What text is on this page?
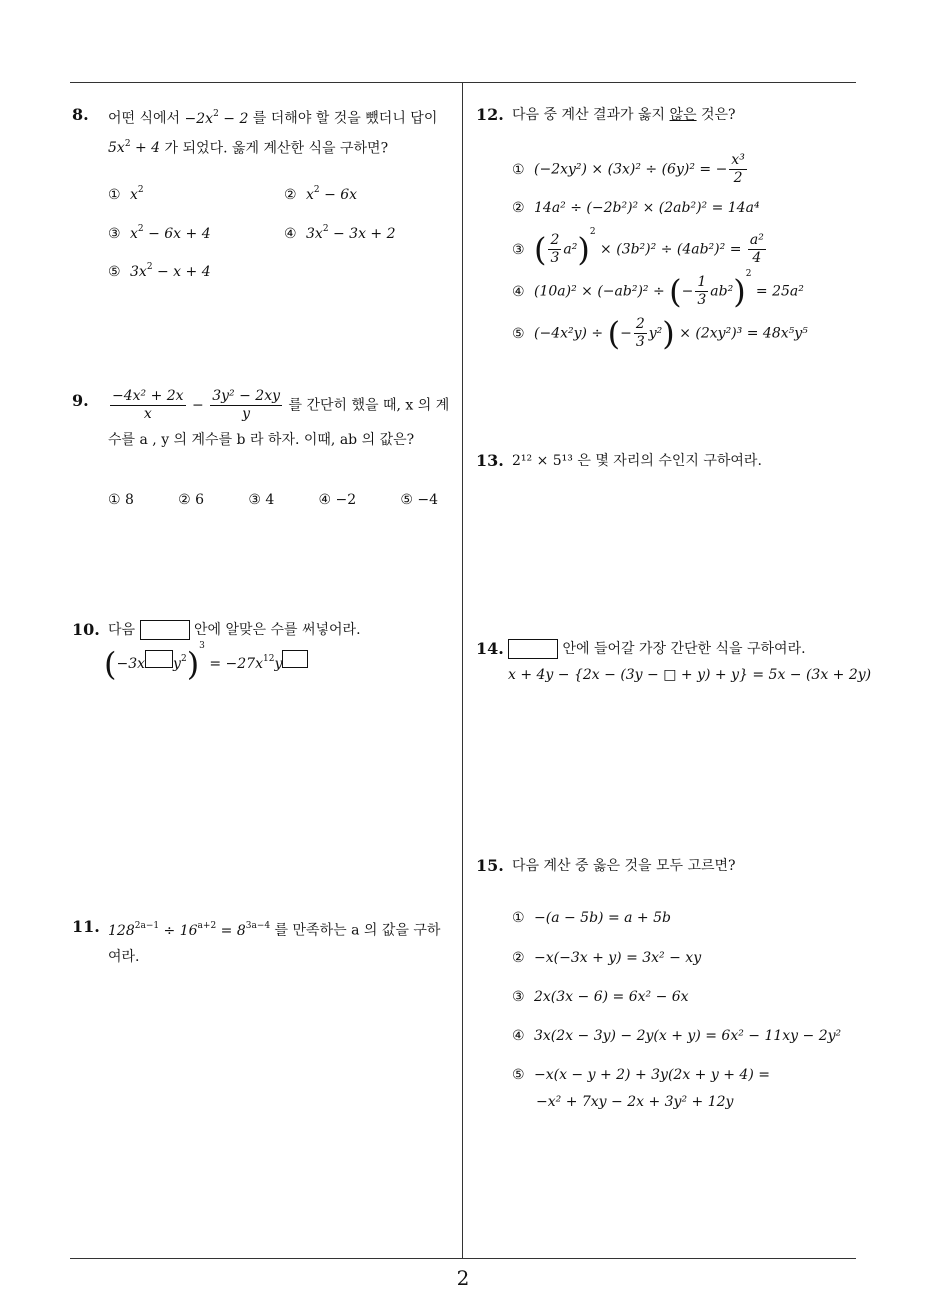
8. 어떤 식에서 $-2x^2 - 2$ 를 더해야 할 것을 뺐더니 답이
$5x^2 + 4$ 가 되었다. 옳게 계산한 식을 구하면?
① $x^2$	② $x^2 - 6x$
③ $x^2 - 6x + 4$	④ $3x^2 - 3x + 2$
⑤ $3x^2 - x + 4$
9. $\frac{\text{−4x² + 2x}}{x} - \frac{\text{3y² − 2xy}}{y}$ 를 간단히 했을 때, x 의 계
수를 a , y 의 계수를 b 라 하자. 이때, ab 의 값은?
① 8	② 6	③ 4	④ −2	⑤ −4
10. 다음	안에 알맞은 수를 써넣어라.
(−3x $y^2)^3 = -27x^{12}y$
11. $128^{2a-1} \div 16^{a+2} = 8^{3a-4}$ 를 만족하는 a 의 값을 구하
여라.
12. 다음 중 계산 결과가 옳지 않은 것은?
① (−2xy²) × (3x)² ÷ (6y)² = − $\frac{\text{x³}}{2}$
② 14a² ÷ (−2b²)² × (2ab²)² = 14a⁴
③ ( $\frac{2}{3} a^2)^2 \times (3b^2)^2 \div (4ab^2)^2 = \frac{\text{a²}}{4}$
④ (10a)² × (−ab²)² ÷ (− $\frac{1}{3} ab^2)^2 = 25a^2$
⑤ (−4x²y) ÷ (− $\frac{2}{3} y^2) \times (2xy^2)^3 = 48x^5y^5$
13. 2¹² × 5¹³ 은 몇 자리의 수인지 구하여라.
14.	안에 들어갈 가장 간단한 식을 구하여라.
x + 4y − {2x − (3y − □ + y) + y} = 5x − (3x + 2y)
15. 다음 계산 중 옳은 것을 모두 고르면?
① −(a − 5b) = a + 5b
② −x(−3x + y) = 3x² − xy
③ 2x(3x − 6) = 6x² − 6x
④ 3x(2x − 3y) − 2y(x + y) = 6x² − 11xy − 2y²
⑤ −x(x − y + 2) + 3y(2x + y + 4) =
−x² + 7xy − 2x + 3y² + 12y
2
